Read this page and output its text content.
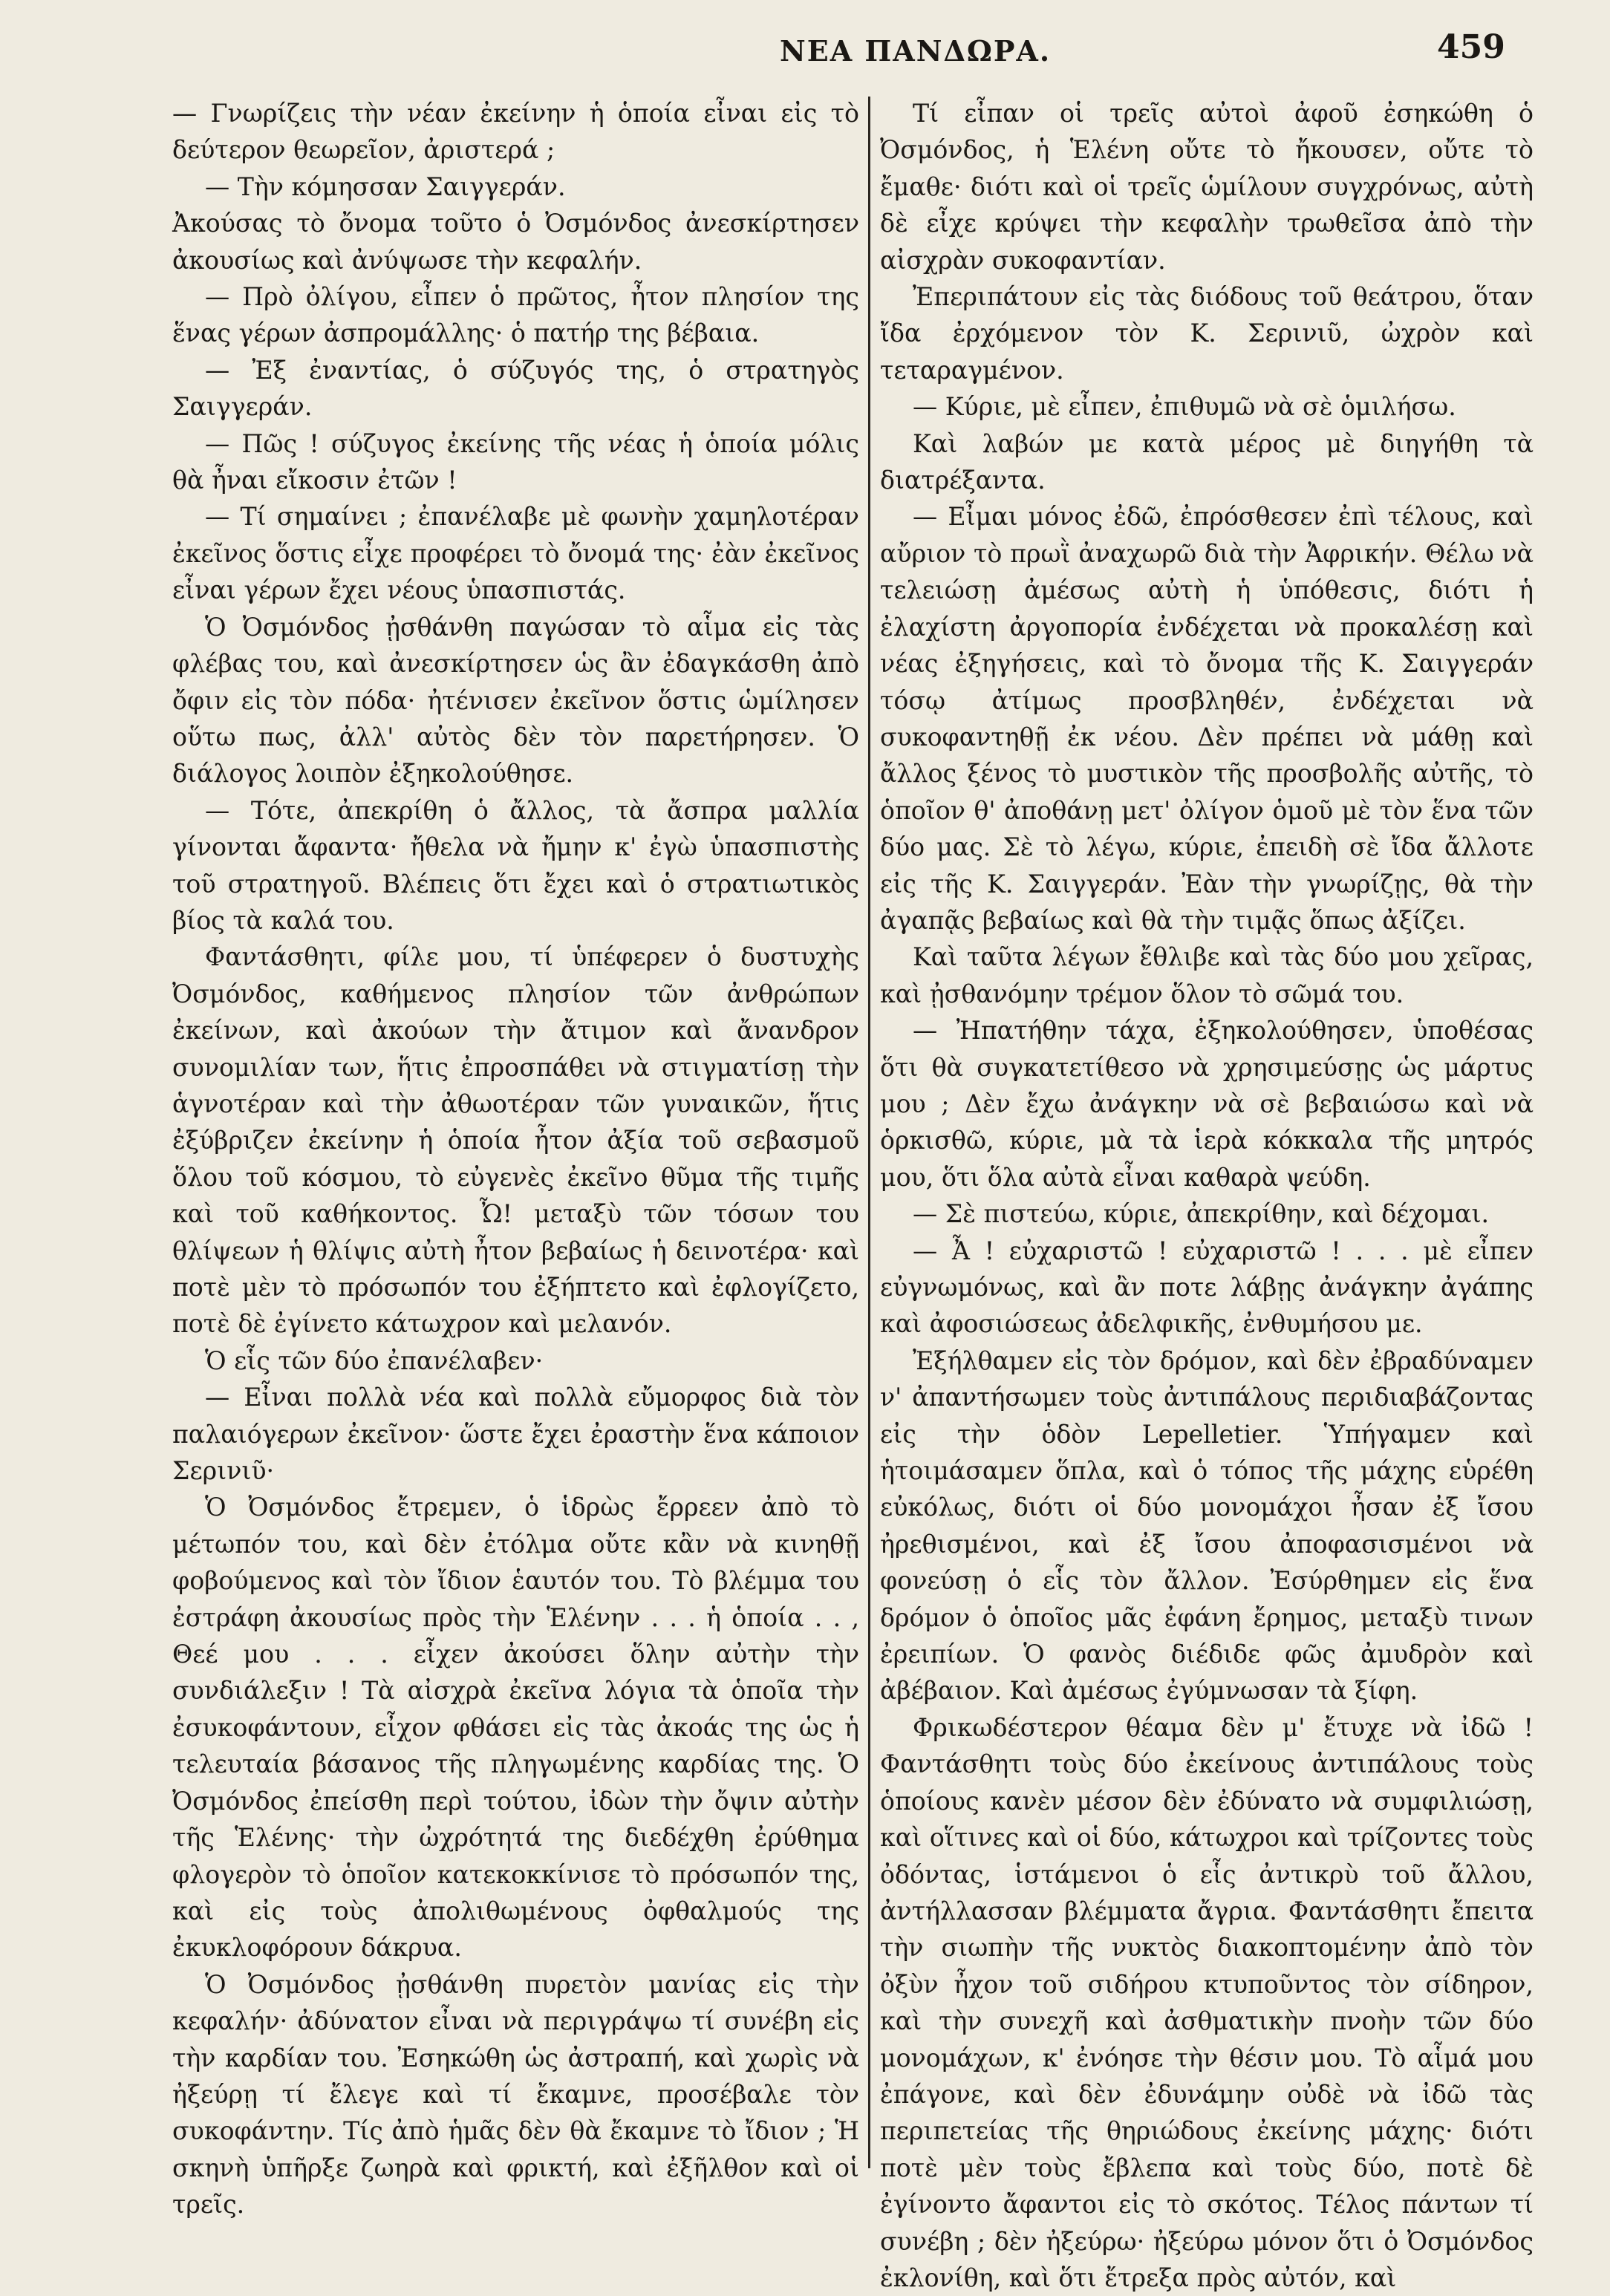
ΝΕΑ ΠΑΝΔΩΡΑ.	459

— Γνωρίζεις τὴν νέαν ἐκείνην ἡ ὁποία εἶναι εἰς τὸ δεύτερον θεωρεῖον, ἀριστερά ;

— Τὴν κόμησσαν Σαιγγεράν.

Ἀκούσας τὸ ὄνομα τοῦτο ὁ Ὀσμόνδος ἀνεσκίρτησεν ἀκουσίως καὶ ἀνύψωσε τὴν κεφαλήν.

— Πρὸ ὀλίγου, εἶπεν ὁ πρῶτος, ἦτον πλησίον της ἕνας γέρων ἀσπρομάλλης· ὁ πατήρ της βέβαια.

— Ἐξ ἐναντίας, ὁ σύζυγός της, ὁ στρατηγὸς Σαιγγεράν.

— Πῶς ! σύζυγος ἐκείνης τῆς νέας ἡ ὁποία μόλις θὰ ἦναι εἴκοσιν ἐτῶν !

— Τί σημαίνει ; ἐπανέλαβε μὲ φωνὴν χαμηλοτέραν ἐκεῖνος ὅστις εἶχε προφέρει τὸ ὄνομά της· ἐὰν ἐκεῖνος εἶναι γέρων ἔχει νέους ὑπασπιστάς.

Ὁ Ὀσμόνδος ᾐσθάνθη παγώσαν τὸ αἷμα εἰς τὰς φλέβας του, καὶ ἀνεσκίρτησεν ὡς ἂν ἐδαγκάσθη ἀπὸ ὄφιν εἰς τὸν πόδα· ἠτένισεν ἐκεῖνον ὅστις ὡμίλησεν οὕτω πως, ἀλλ' αὐτὸς δὲν τὸν παρετήρησεν. Ὁ διάλογος λοιπὸν ἐξηκολούθησε.

— Τότε, ἀπεκρίθη ὁ ἄλλος, τὰ ἄσπρα μαλλία γίνονται ἄφαντα· ἤθελα νὰ ἤμην κ' ἐγὼ ὑπασπιστὴς τοῦ στρατηγοῦ. Βλέπεις ὅτι ἔχει καὶ ὁ στρατιωτικὸς βίος τὰ καλά του.

Φαντάσθητι, φίλε μου, τί ὑπέφερεν ὁ δυστυχὴς Ὀσμόνδος, καθήμενος πλησίον τῶν ἀνθρώπων ἐκείνων, καὶ ἀκούων τὴν ἄτιμον καὶ ἄνανδρον συνομιλίαν των, ἥτις ἐπροσπάθει νὰ στιγματίσῃ τὴν ἁγνοτέραν καὶ τὴν ἀθωοτέραν τῶν γυναικῶν, ἥτις ἐξύβριζεν ἐκείνην ἡ ὁποία ἦτον ἀξία τοῦ σεβασμοῦ ὅλου τοῦ κόσμου, τὸ εὐγενὲς ἐκεῖνο θῦμα τῆς τιμῆς καὶ τοῦ καθήκοντος. Ὦ! μεταξὺ τῶν τόσων του θλίψεων ἡ θλίψις αὐτὴ ἦτον βεβαίως ἡ δεινοτέρα· καὶ ποτὲ μὲν τὸ πρόσωπόν του ἐξήπτετο καὶ ἐφλογίζετο, ποτὲ δὲ ἐγίνετο κάτωχρον καὶ μελανόν.

Ὁ εἷς τῶν δύο ἐπανέλαβεν·

— Εἶναι πολλὰ νέα καὶ πολλὰ εὔμορφος διὰ τὸν παλαιόγερων ἐκεῖνον· ὥστε ἔχει ἐραστὴν ἕνα κάποιον Σερινιῦ·

Ὁ Ὀσμόνδος ἔτρεμεν, ὁ ἱδρὼς ἔρρεεν ἀπὸ τὸ μέτωπόν του, καὶ δὲν ἐτόλμα οὔτε κἂν νὰ κινηθῇ φοβούμενος καὶ τὸν ἴδιον ἑαυτόν του. Τὸ βλέμμα του ἐστράφη ἀκουσίως πρὸς τὴν Ἑλένην . . . ἡ ὁποία . . , Θεέ μου . . . εἶχεν ἀκούσει ὅλην αὐτὴν τὴν συνδιάλεξιν ! Τὰ αἰσχρὰ ἐκεῖνα λόγια τὰ ὁποῖα τὴν ἐσυκοφάντουν, εἶχον φθάσει εἰς τὰς ἀκοάς της ὡς ἡ τελευταία βάσανος τῆς πληγωμένης καρδίας της. Ὁ Ὀσμόνδος ἐπείσθη περὶ τούτου, ἰδὼν τὴν ὄψιν αὐτὴν τῆς Ἑλένης· τὴν ὠχρότητά της διεδέχθη ἐρύθημα φλογερὸν τὸ ὁποῖον κατεκοκκίνισε τὸ πρόσωπόν της, καὶ εἰς τοὺς ἀπολιθωμένους ὀφθαλμούς της ἐκυκλοφόρουν δάκρυα.

Ὁ Ὀσμόνδος ᾐσθάνθη πυρετὸν μανίας εἰς τὴν κεφαλήν· ἀδύνατον εἶναι νὰ περιγράψω τί συνέβη εἰς τὴν καρδίαν του. Ἐσηκώθη ὡς ἀστραπή, καὶ χωρὶς νὰ ἠξεύρῃ τί ἔλεγε καὶ τί ἔκαμνε, προσέβαλε τὸν συκοφάντην. Τίς ἀπὸ ἡμᾶς δὲν θὰ ἔκαμνε τὸ ἴδιον ; Ἡ σκηνὴ ὑπῆρξε ζωηρὰ καὶ φρικτή, καὶ ἐξῆλθον καὶ οἱ τρεῖς.

Τί εἶπαν οἱ τρεῖς αὐτοὶ ἀφοῦ ἐσηκώθη ὁ Ὀσμόνδος, ἡ Ἑλένη οὔτε τὸ ἤκουσεν, οὔτε τὸ ἔμαθε· διότι καὶ οἱ τρεῖς ὡμίλουν συγχρόνως, αὐτὴ δὲ εἶχε κρύψει τὴν κεφαλὴν τρωθεῖσα ἀπὸ τὴν αἰσχρὰν συκοφαντίαν.

Ἐπεριπάτουν εἰς τὰς διόδους τοῦ θεάτρου, ὅταν ἴδα ἐρχόμενον τὸν Κ. Σερινιῦ, ὠχρὸν καὶ τεταραγμένον.

— Κύριε, μὲ εἶπεν, ἐπιθυμῶ νὰ σὲ ὁμιλήσω.

Καὶ λαβών με κατὰ μέρος μὲ διηγήθη τὰ διατρέξαντα.

— Εἶμαι μόνος ἐδῶ, ἐπρόσθεσεν ἐπὶ τέλους, καὶ αὔριον τὸ πρωῒ ἀναχωρῶ διὰ τὴν Ἀφρικήν. Θέλω νὰ τελειώσῃ ἀμέσως αὐτὴ ἡ ὑπόθεσις, διότι ἡ ἐλαχίστη ἀργοπορία ἐνδέχεται νὰ προκαλέσῃ καὶ νέας ἐξηγήσεις, καὶ τὸ ὄνομα τῆς Κ. Σαιγγεράν τόσῳ ἀτίμως προσβληθέν, ἐνδέχεται νὰ συκοφαντηθῇ ἐκ νέου. Δὲν πρέπει νὰ μάθῃ καὶ ἄλλος ξένος τὸ μυστικὸν τῆς προσβολῆς αὐτῆς, τὸ ὁποῖον θ' ἀποθάνῃ μετ' ὀλίγον ὁμοῦ μὲ τὸν ἕνα τῶν δύο μας. Σὲ τὸ λέγω, κύριε, ἐπειδὴ σὲ ἴδα ἄλλοτε εἰς τῆς Κ. Σαιγγεράν. Ἐὰν τὴν γνωρίζῃς, θὰ τὴν ἀγαπᾷς βεβαίως καὶ θὰ τὴν τιμᾷς ὅπως ἀξίζει.

Καὶ ταῦτα λέγων ἔθλιβε καὶ τὰς δύο μου χεῖρας, καὶ ᾐσθανόμην τρέμον ὅλον τὸ σῶμά του.

— Ἠπατήθην τάχα, ἐξηκολούθησεν, ὑποθέσας ὅτι θὰ συγκατετίθεσο νὰ χρησιμεύσῃς ὡς μάρτυς μου ; Δὲν ἔχω ἀνάγκην νὰ σὲ βεβαιώσω καὶ νὰ ὁρκισθῶ, κύριε, μὰ τὰ ἱερὰ κόκκαλα τῆς μητρός μου, ὅτι ὅλα αὐτὰ εἶναι καθαρὰ ψεύδη.

— Σὲ πιστεύω, κύριε, ἀπεκρίθην, καὶ δέχομαι.

— Ἆ ! εὐχαριστῶ ! εὐχαριστῶ ! . . . μὲ εἶπεν εὐγνωμόνως, καὶ ἂν ποτε λάβῃς ἀνάγκην ἀγάπης καὶ ἀφοσιώσεως ἀδελφικῆς, ἐνθυμήσου με.

Ἐξήλθαμεν εἰς τὸν δρόμον, καὶ δὲν ἐβραδύναμεν ν' ἀπαντήσωμεν τοὺς ἀντιπάλους περιδιαβάζοντας εἰς τὴν ὁδὸν Lepelletier. Ὑπήγαμεν καὶ ἡτοιμάσαμεν ὅπλα, καὶ ὁ τόπος τῆς μάχης εὑρέθη εὐκόλως, διότι οἱ δύο μονομάχοι ἦσαν ἐξ ἴσου ἠρεθισμένοι, καὶ ἐξ ἴσου ἀποφασισμένοι νὰ φονεύσῃ ὁ εἷς τὸν ἄλλον. Ἐσύρθημεν εἰς ἕνα δρόμον ὁ ὁποῖος μᾶς ἐφάνη ἔρημος, μεταξὺ τινων ἐρειπίων. Ὁ φανὸς διέδιδε φῶς ἀμυδρὸν καὶ ἀβέβαιον. Καὶ ἀμέσως ἐγύμνωσαν τὰ ξίφη.

Φρικωδέστερον θέαμα δὲν μ' ἔτυχε νὰ ἰδῶ ! Φαντάσθητι τοὺς δύο ἐκείνους ἀντιπάλους τοὺς ὁποίους κανὲν μέσον δὲν ἐδύνατο νὰ συμφιλιώσῃ, καὶ οἵτινες καὶ οἱ δύο, κάτωχροι καὶ τρίζοντες τοὺς ὀδόντας, ἱστάμενοι ὁ εἷς ἀντικρὺ τοῦ ἄλλου, ἀντήλλασσαν βλέμματα ἄγρια. Φαντάσθητι ἔπειτα τὴν σιωπὴν τῆς νυκτὸς διακοπτομένην ἀπὸ τὸν ὀξὺν ἦχον τοῦ σιδήρου κτυποῦντος τὸν σίδηρον, καὶ τὴν συνεχῆ καὶ ἀσθματικὴν πνοὴν τῶν δύο μονομάχων, κ' ἐνόησε τὴν θέσιν μου. Τὸ αἷμά μου ἐπάγονε, καὶ δὲν ἐδυνάμην οὐδὲ νὰ ἰδῶ τὰς περιπετείας τῆς θηριώδους ἐκείνης μάχης· διότι ποτὲ μὲν τοὺς ἔβλεπα καὶ τοὺς δύο, ποτὲ δὲ ἐγίνοντο ἄφαντοι εἰς τὸ σκότος. Τέλος πάντων τί συνέβη ; δὲν ἠξεύρω· ἠξεύρω μόνον ὅτι ὁ Ὀσμόνδος ἐκλονίθη, καὶ ὅτι ἔτρεξα πρὸς αὐτόν, καὶ
